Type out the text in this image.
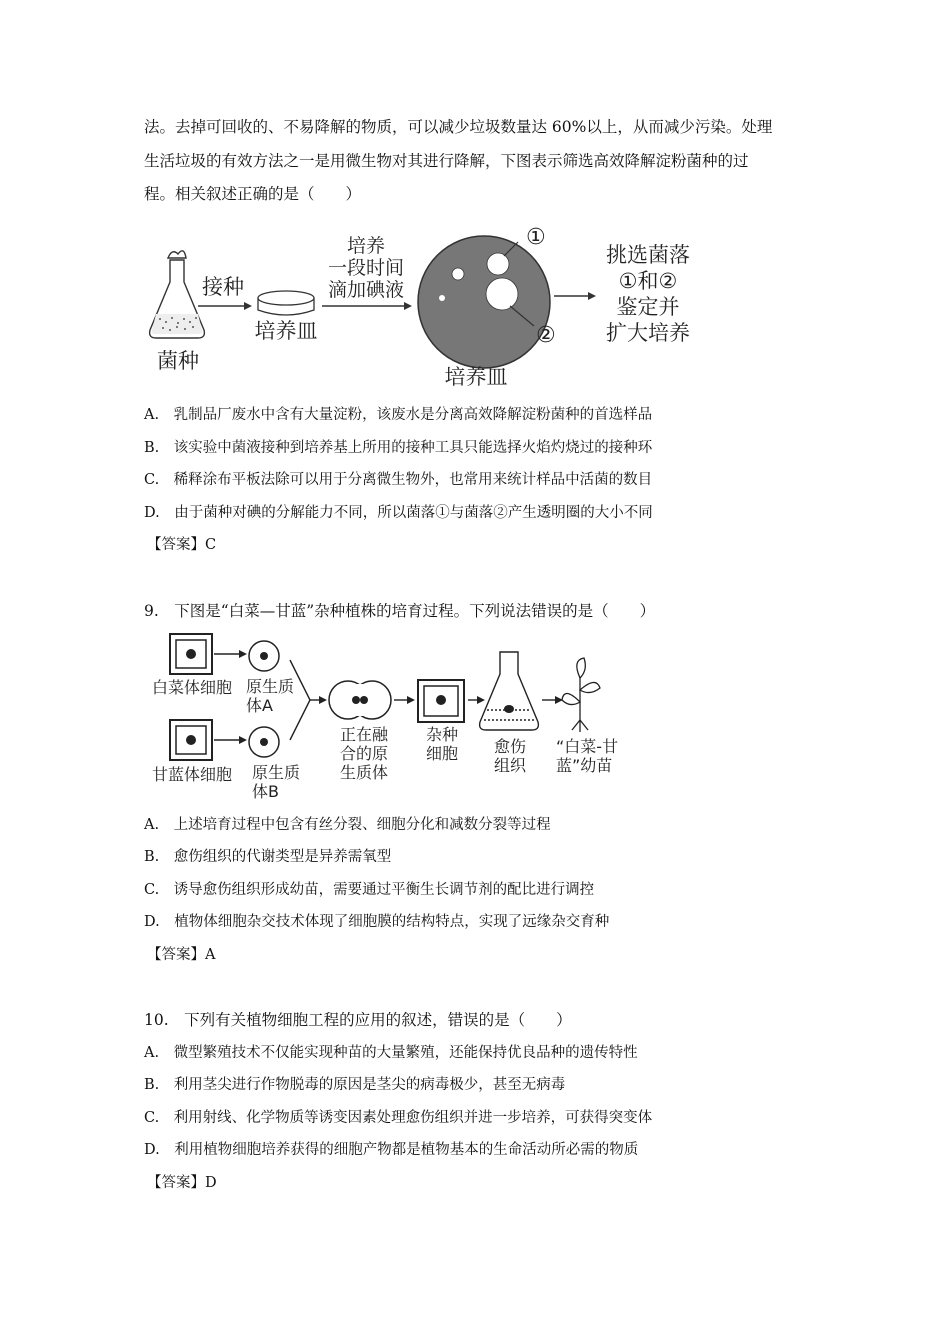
法。去掉可回收的、不易降解的物质，可以减少垃圾数量达 60%以上，从而减少污染。处理
生活垃圾的有效方法之一是用微生物对其进行降解，下图表示筛选高效降解淀粉菌种的过
程。相关叙述正确的是（　　）
菌种
接种
培养皿
培养
一段时间
滴加碘液
①
②
培养皿
挑选菌落
①和②
鉴定并
扩大培养
A.　乳制品厂废水中含有大量淀粉，该废水是分离高效降解淀粉菌种的首选样品
B.　该实验中菌液接种到培养基上所用的接种工具只能选择火焰灼烧过的接种环
C.　稀释涂布平板法除可以用于分离微生物外，也常用来统计样品中活菌的数目
D.　由于菌种对碘的分解能力不同，所以菌落①与菌落②产生透明圈的大小不同
【答案】C
9.　下图是“白菜—甘蓝”杂种植株的培育过程。下列说法错误的是（　　）
白菜体细胞 原生质
体A
甘蓝体细胞 原生质
体B
正在融
合的原
生质体
杂种
细胞 愈伤
组织
“白菜-甘
蓝”幼苗
A.　上述培育过程中包含有丝分裂、细胞分化和减数分裂等过程
B.　愈伤组织的代谢类型是异养需氧型
C.　诱导愈伤组织形成幼苗，需要通过平衡生长调节剂的配比进行调控
D.　植物体细胞杂交技术体现了细胞膜的结构特点，实现了远缘杂交育种
【答案】A
10.　下列有关植物细胞工程的应用的叙述，错误的是（　　）
A.　微型繁殖技术不仅能实现种苗的大量繁殖，还能保持优良品种的遗传特性
B.　利用茎尖进行作物脱毒的原因是茎尖的病毒极少，甚至无病毒
C.　利用射线、化学物质等诱变因素处理愈伤组织并进一步培养，可获得突变体
D.　利用植物细胞培养获得的细胞产物都是植物基本的生命活动所必需的物质
【答案】D
